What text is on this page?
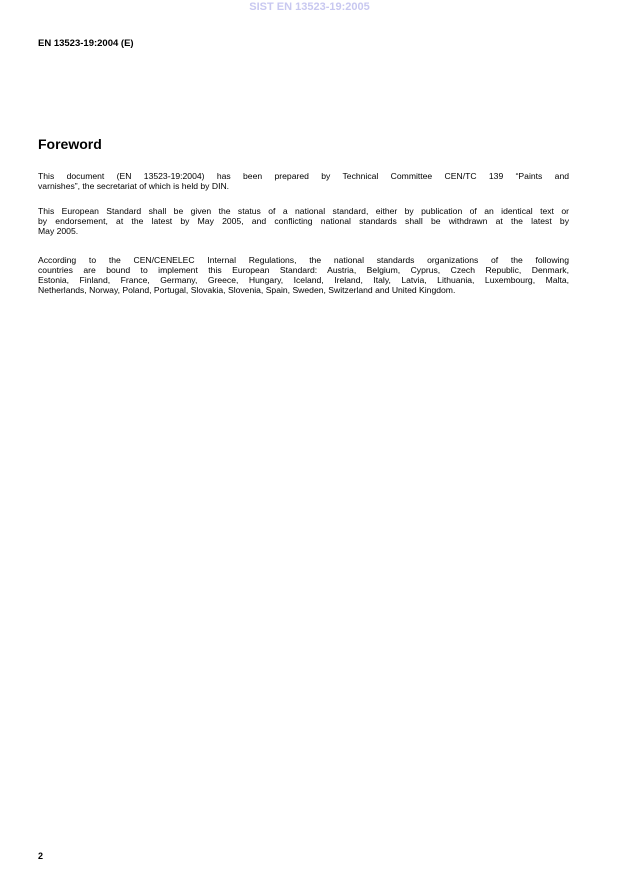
SIST EN 13523-19:2005
EN 13523-19:2004 (E)
Foreword
This document (EN 13523-19:2004) has been prepared by Technical Committee CEN/TC 139 “Paints and
varnishes”, the secretariat of which is held by DIN.
This European Standard shall be given the status of a national standard, either by publication of an identical text or
by endorsement, at the latest by May 2005, and conflicting national standards shall be withdrawn at the latest by
May 2005.
According to the CEN/CENELEC Internal Regulations, the national standards organizations of the following
countries are bound to implement this European Standard: Austria, Belgium, Cyprus, Czech Republic, Denmark,
Estonia, Finland, France, Germany, Greece, Hungary, Iceland, Ireland, Italy, Latvia, Lithuania, Luxembourg, Malta,
Netherlands, Norway, Poland, Portugal, Slovakia, Slovenia, Spain, Sweden, Switzerland and United Kingdom.
2
